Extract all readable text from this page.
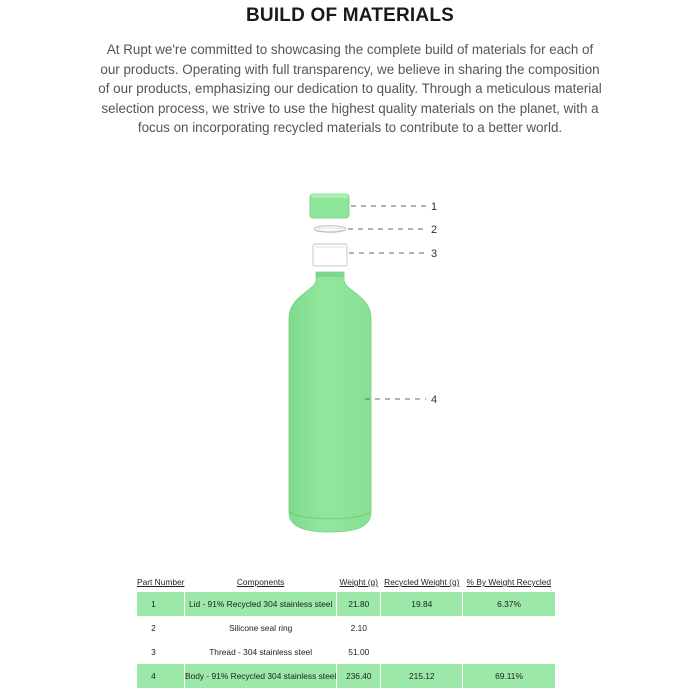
BUILD OF MATERIALS
At Rupt we're committed to showcasing the complete build of materials for each of our products. Operating with full transparency, we believe in sharing the composition of our products, emphasizing our dedication to quality. Through a meticulous material selection process, we strive to use the highest quality materials on the planet, with a focus on incorporating recycled materials to contribute to a better world.
1
2
3
4
Part Number	Components	Weight (g)	Recycled Weight (g)	% By Weight Recycled
1	Lid - 91% Recycled 304 stainless steel	21.80	19.84	6.37%
2	Silicone seal ring	2.10		
3	Thread - 304 stainless steel	51.00		
4	Body - 91% Recycled 304 stainless steel	236.40	215.12	69.11%
